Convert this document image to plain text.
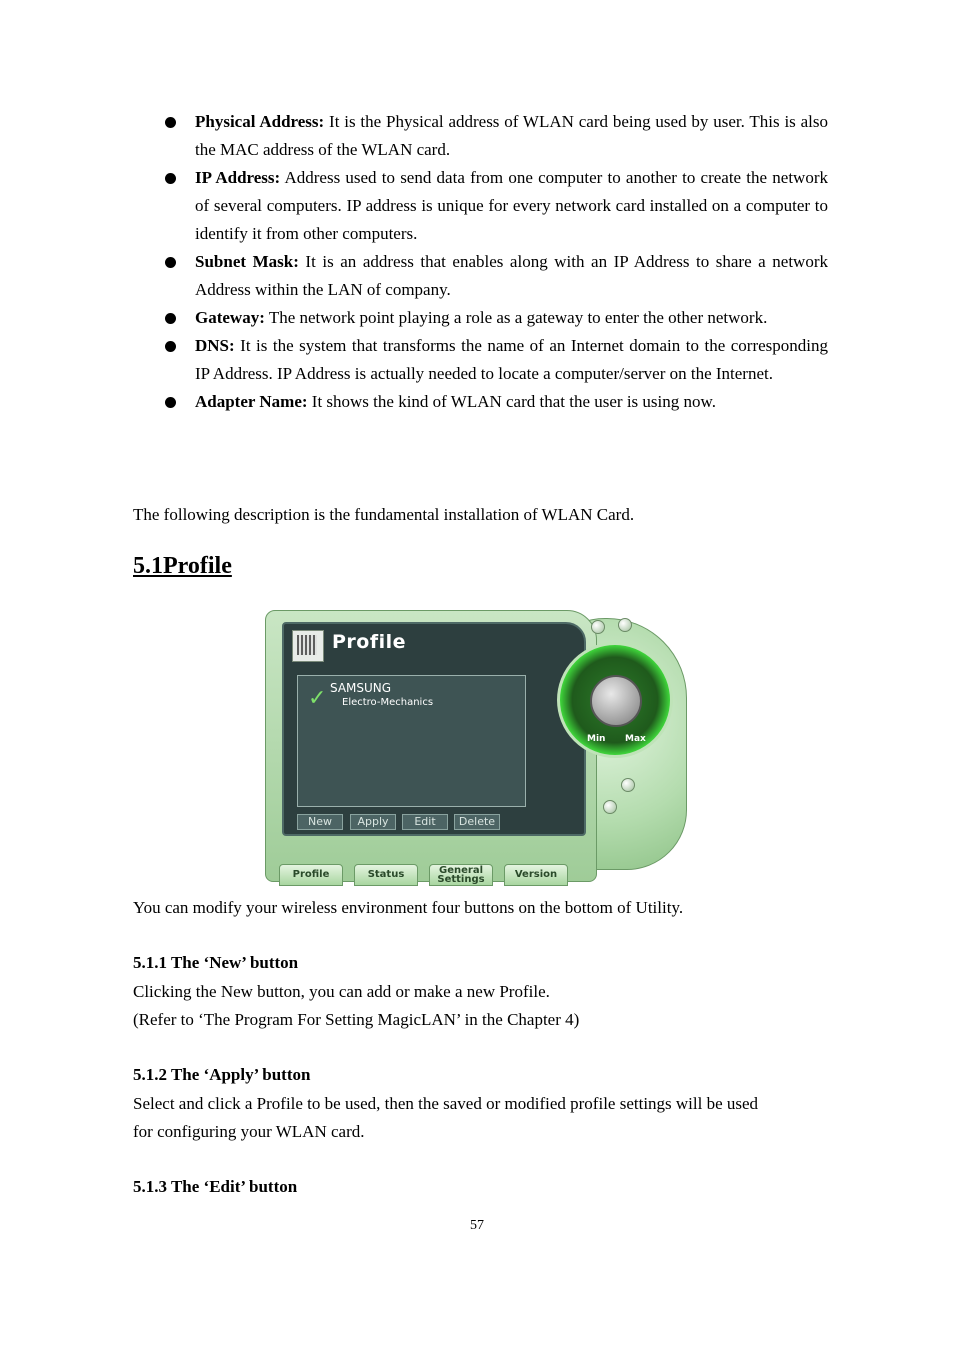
Physical Address: It is the Physical address of WLAN card being used by user. This is also the MAC address of the WLAN card.
IP Address: Address used to send data from one computer to another to create the network of several computers. IP address is unique for every network card installed on a computer to identify it from other computers.
Subnet Mask: It is an address that enables along with an IP Address to share a network Address within the LAN of company.
Gateway: The network point playing a role as a gateway to enter the other network.
DNS: It is the system that transforms the name of an Internet domain to the corresponding IP Address. IP Address is actually needed to locate a computer/server on the Internet.
Adapter Name: It shows the kind of WLAN card that the user is using now.

The following description is the fundamental installation of WLAN Card.

5.1Profile
Profile
✓ SAMSUNG
Electro-Mechanics
New	Apply	Edit	Delete
Min Max
Profile	Status	General
Settings	Version

You can modify your wireless environment four buttons on the bottom of Utility.

5.1.1 The ‘New’ button

Clicking the New button, you can add or make a new Profile.

(Refer to ‘The Program For Setting MagicLAN’ in the Chapter 4)

5.1.2 The ‘Apply’ button

Select and click a Profile to be used, then the saved or modified profile settings will be used

for configuring your WLAN card.

5.1.3 The ‘Edit’ button
57
